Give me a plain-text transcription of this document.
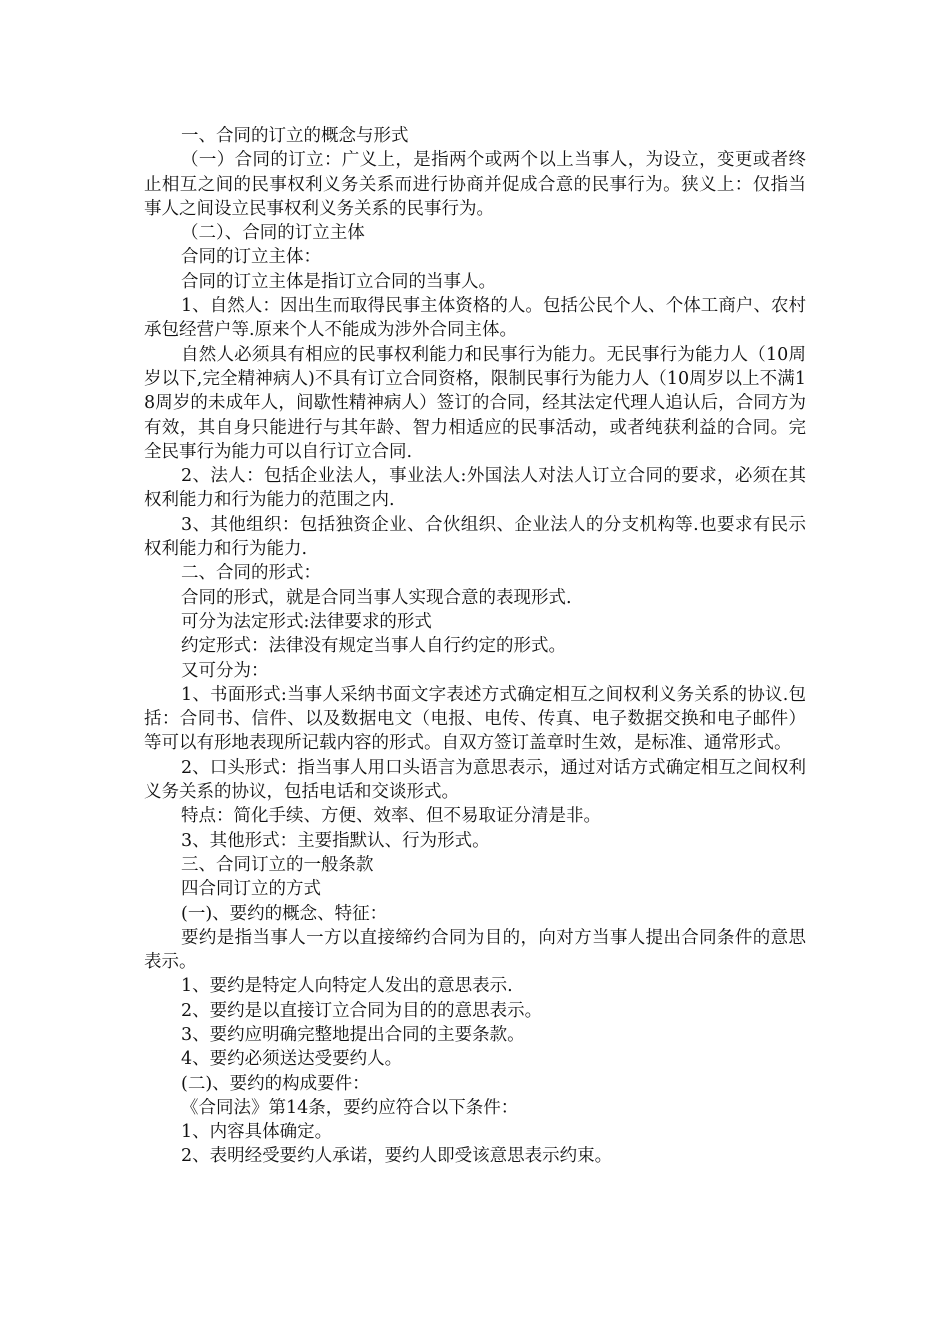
一、合同的订立的概念与形式

（一）合同的订立：广义上，是指两个或两个以上当事人，为设立，变更或者终止相互之间的民事权利义务关系而进行协商并促成合意的民事行为。狭义上：仅指当事人之间设立民事权利义务关系的民事行为。

（二）、合同的订立主体

合同的订立主体：

合同的订立主体是指订立合同的当事人。

1、自然人：因出生而取得民事主体资格的人。包括公民个人、个体工商户、农村承包经营户等.原来个人不能成为涉外合同主体。

自然人必须具有相应的民事权利能力和民事行为能力。无民事行为能力人（10周岁以下,完全精神病人)不具有订立合同资格，限制民事行为能力人（10周岁以上不满18周岁的未成年人，间歇性精神病人）签订的合同，经其法定代理人追认后，合同方为有效，其自身只能进行与其年龄、智力相适应的民事活动，或者纯获利益的合同。完全民事行为能力可以自行订立合同.

2、法人：包括企业法人，事业法人:外国法人对法人订立合同的要求，必须在其权利能力和行为能力的范围之内.

3、其他组织：包括独资企业、合伙组织、企业法人的分支机构等.也要求有民示权利能力和行为能力.

二、合同的形式：

合同的形式，就是合同当事人实现合意的表现形式.

可分为法定形式:法律要求的形式

约定形式：法律没有规定当事人自行约定的形式。

又可分为：

1、书面形式:当事人采纳书面文字表述方式确定相互之间权利义务关系的协议.包括：合同书、信件、以及数据电文（电报、电传、传真、电子数据交换和电子邮件）等可以有形地表现所记载内容的形式。自双方签订盖章时生效，是标准、通常形式。

2、口头形式：指当事人用口头语言为意思表示，通过对话方式确定相互之间权利义务关系的协议，包括电话和交谈形式。

特点：简化手续、方便、效率、但不易取证分清是非。

3、其他形式：主要指默认、行为形式。

三、合同订立的一般条款

四合同订立的方式

(一)、要约的概念、特征：

要约是指当事人一方以直接缔约合同为目的，向对方当事人提出合同条件的意思表示。

1、要约是特定人向特定人发出的意思表示.

2、要约是以直接订立合同为目的的意思表示。

3、要约应明确完整地提出合同的主要条款。

4、要约必须送达受要约人。

(二)、要约的构成要件：

《合同法》第14条，要约应符合以下条件：

1、内容具体确定。

2、表明经受要约人承诺，要约人即受该意思表示约束。
